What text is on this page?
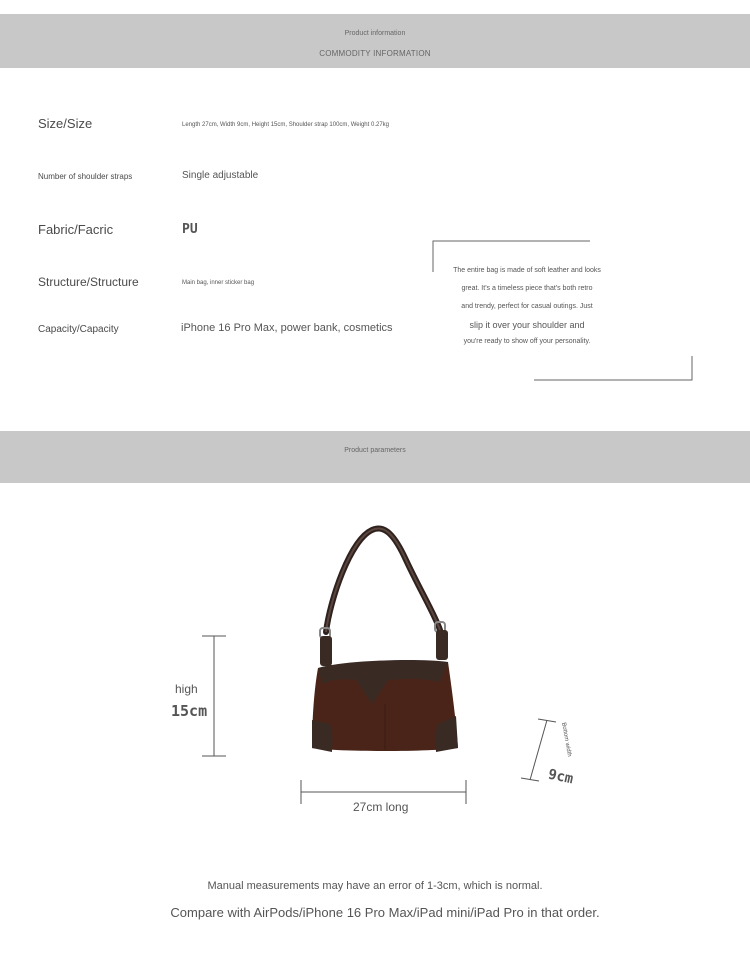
Product information
COMMODITY INFORMATION
Size/Size	Length 27cm, Width 9cm, Height 15cm, Shoulder strap 100cm, Weight 0.27kg
Number of shoulder straps	Single adjustable
Fabric/Facric	PU
Structure/Structure	Main bag, inner sticker bag
Capacity/Capacity	iPhone 16 Pro Max, power bank, cosmetics
The entire bag is made of soft leather and looks
great. It's a timeless piece that's both retro
and trendy, perfect for casual outings. Just
slip it over your shoulder and
you're ready to show off your personality.
Product parameters
high
15cm
27cm long
Bottom width
9cm
Manual measurements may have an error of 1-3cm, which is normal.
Compare with AirPods/iPhone 16 Pro Max/iPad mini/iPad Pro in that order.
